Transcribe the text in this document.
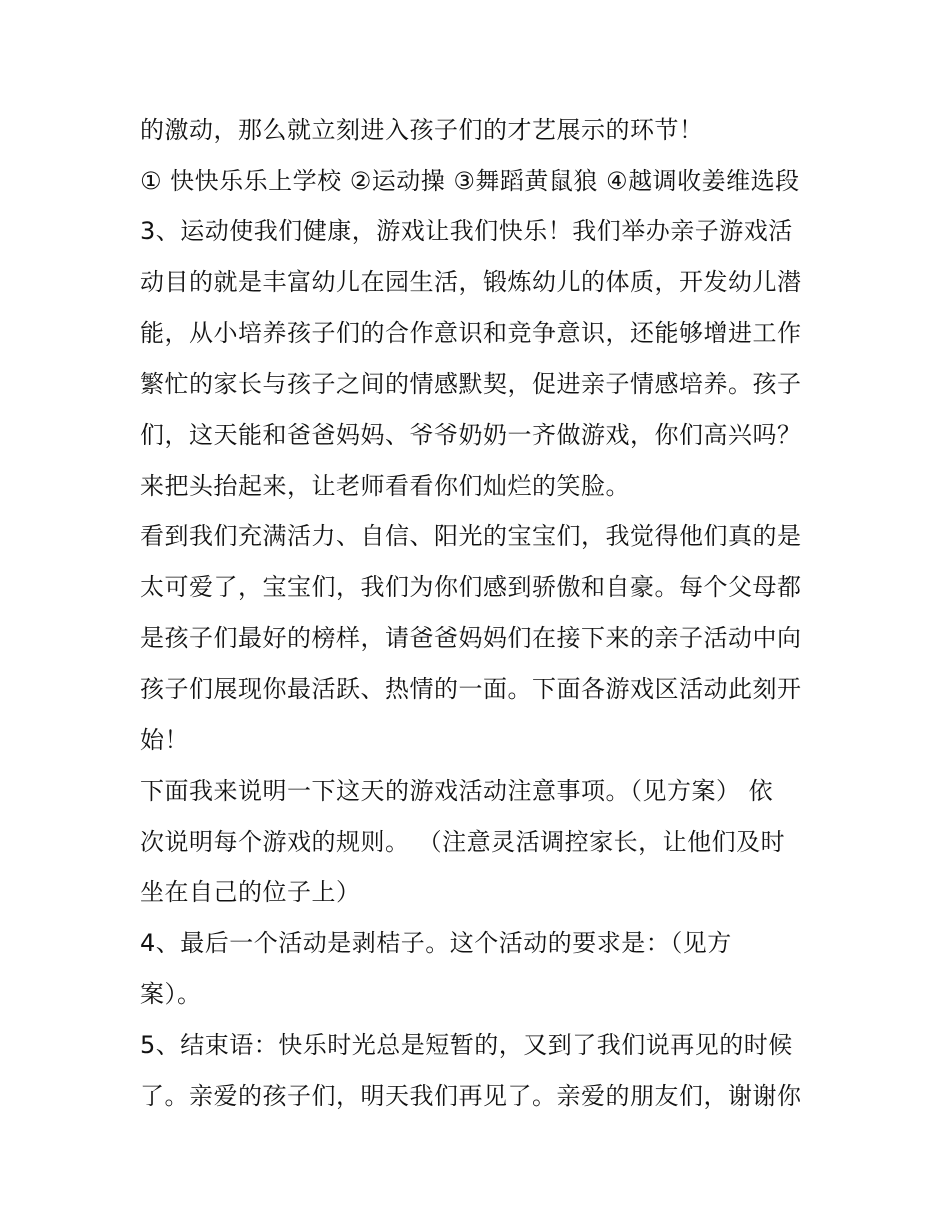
的激动，那么就立刻进入孩子们的才艺展示的环节！
① 快快乐乐上学校 ②运动操 ③舞蹈黄鼠狼 ④越调收姜维选段
3、运动使我们健康，游戏让我们快乐！我们举办亲子游戏活
动目的就是丰富幼儿在园生活，锻炼幼儿的体质，开发幼儿潜
能，从小培养孩子们的合作意识和竞争意识，还能够增进工作
繁忙的家长与孩子之间的情感默契，促进亲子情感培养。孩子
们，这天能和爸爸妈妈、爷爷奶奶一齐做游戏，你们高兴吗？
来把头抬起来，让老师看看你们灿烂的笑脸。
看到我们充满活力、自信、阳光的宝宝们，我觉得他们真的是
太可爱了，宝宝们，我们为你们感到骄傲和自豪。每个父母都
是孩子们最好的榜样，请爸爸妈妈们在接下来的亲子活动中向
孩子们展现你最活跃、热情的一面。下面各游戏区活动此刻开
始！
下面我来说明一下这天的游戏活动注意事项。（见方案） 依
次说明每个游戏的规则。 （注意灵活调控家长，让他们及时
坐在自己的位子上）
4、最后一个活动是剥桔子。这个活动的要求是：（见方
案）。
5、结束语：快乐时光总是短暂的，又到了我们说再见的时候
了。亲爱的孩子们，明天我们再见了。亲爱的朋友们，谢谢你
